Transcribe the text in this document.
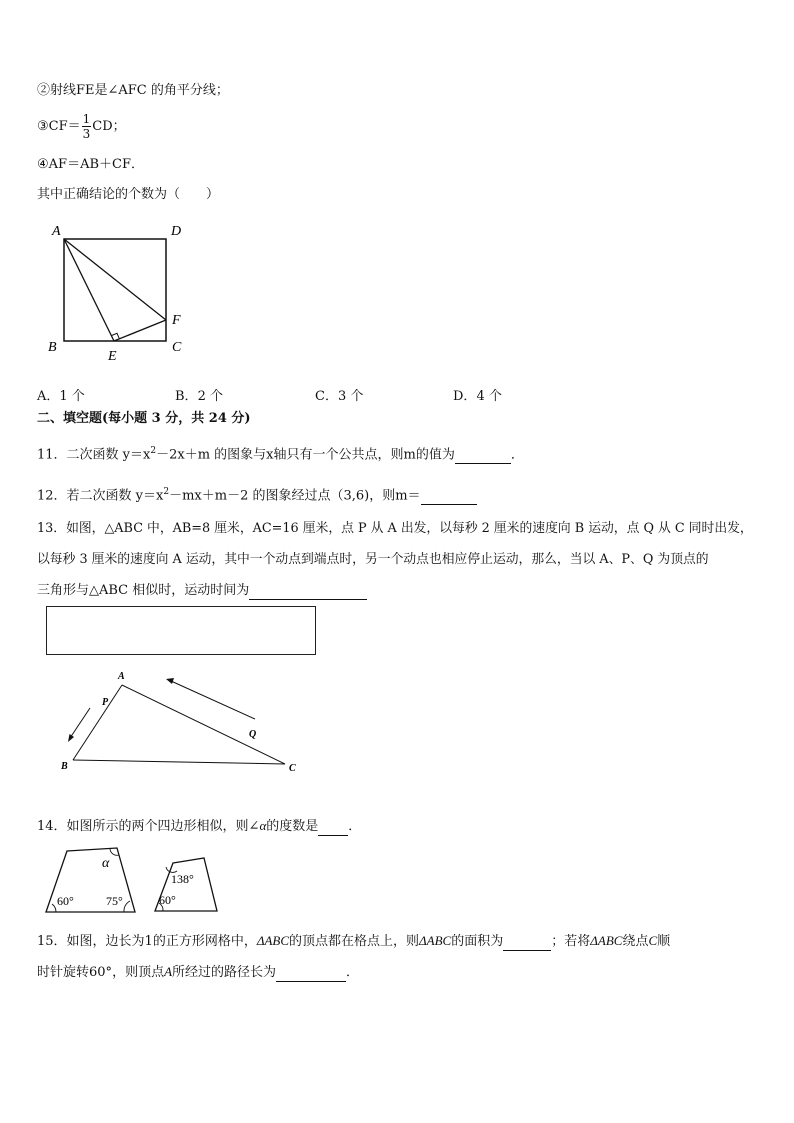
②射线FE是∠AFC 的角平分线；
③CF＝ $\frac{1}{3}$ CD；
④AF＝AB＋CF．
其中正确结论的个数为（　　）
A	D
B	C
E
F
A．1 个	B．2 个	C．3 个	D．4 个
二、填空题(每小题 3 分，共 24 分)
11．二次函数 $y=x^2-2x+m$ 的图象与x轴只有一个公共点，则m的值为	．
12．若二次函数 $y=x^2-mx+m-2$ 的图象经过点（3,6)，则m＝
13．如图，△ABC 中，AB=8 厘米，AC=16 厘米，点 P 从 A 出发，以每秒 2 厘米的速度向 B 运动，点 Q 从 C 同时出发，
以每秒 3 厘米的速度向 A 运动，其中一个动点到端点时，另一个动点也相应停止运动，那么，当以 A、P、Q 为顶点的
三角形与△ABC 相似时，运动时间为
A
P
Q
B	C
14．如图所示的两个四边形相似，则∠α的度数是 ．
α
60°	75°
138°
60°
15．如图，边长为1的正方形网格中，ΔABC的顶点都在格点上，则ΔABC的面积为	；若将ΔABC绕点C顺
时针旋转60°，则顶点A所经过的路径长为	．
